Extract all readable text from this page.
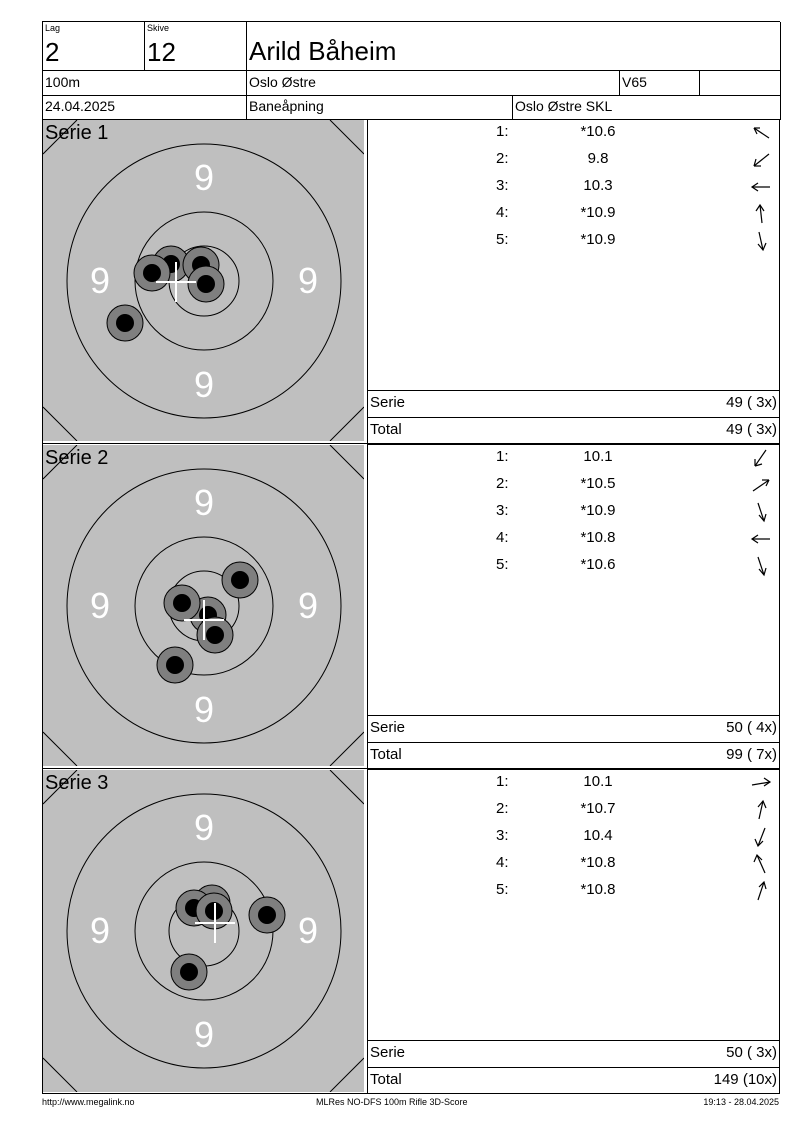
Lag
2
Skive
12	Arild Båheim
100m	Oslo Østre	V65
24.04.2025	Baneåpning	Oslo Østre SKL
9
9
9	9
Serie 1	1:	*10.6
2:	9.8
3:	10.3
4:	*10.9
5:	*10.9
Serie	49 ( 3x)
Total	49 ( 3x)
9
9
9	9
Serie 2	1:	10.1
2:	*10.5
3:	*10.9
4:	*10.8
5:	*10.6
Serie	50 ( 4x)
Total	99 ( 7x)
9
9
9	9
Serie 3	1:	10.1
2:	*10.7
3:	10.4
4:	*10.8
5:	*10.8
Serie	50 ( 3x)
Total	149 (10x)
http://www.megalink.no	MLRes NO-DFS 100m Rifle 3D-Score	19:13 - 28.04.2025
